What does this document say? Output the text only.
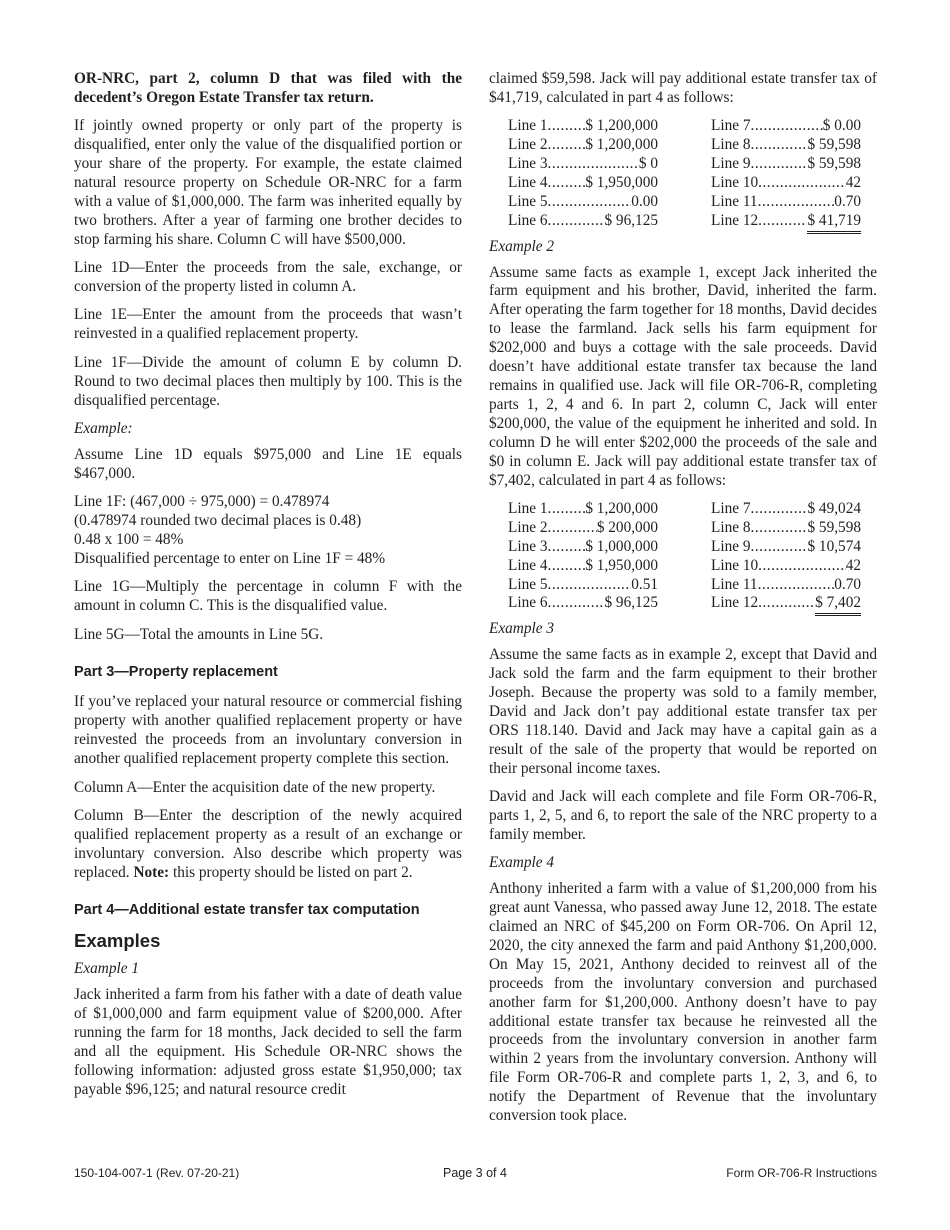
OR-NRC, part 2, column D that was filed with the decedent’s Oregon Estate Transfer tax return.

If jointly owned property or only part of the property is disqualified, enter only the value of the disqualified portion or your share of the property. For example, the estate claimed natural resource property on Schedule OR-NRC for a farm with a value of $1,000,000. The farm was inherited equally by two brothers. After a year of farming one brother decides to stop farming his share. Column C will have $500,000.

Line 1D—Enter the proceeds from the sale, exchange, or conversion of the property listed in column A.

Line 1E—Enter the amount from the proceeds that wasn’t reinvested in a qualified replacement property.

Line 1F—Divide the amount of column E by column D. Round to two decimal places then multiply by 100. This is the disqualified percentage.

Example:

Assume Line 1D equals $975,000 and Line 1E equals $467,000.

Line 1F: (467,000 ÷ 975,000) = 0.478974
(0.478974 rounded two decimal places is 0.48)
0.48 x 100 = 48%
Disqualified percentage to enter on Line 1F = 48%

Line 1G—Multiply the percentage in column F with the amount in column C. This is the disqualified value.

Line 5G—Total the amounts in Line 5G.

Part 3—Property replacement

If you’ve replaced your natural resource or commercial fishing property with another qualified replacement property or have reinvested the proceeds from an involuntary conversion in another qualified replacement property complete this section.

Column A—Enter the acquisition date of the new property.

Column B—Enter the description of the newly acquired qualified replacement property as a result of an exchange or involuntary conversion. Also describe which property was replaced. Note: this property should be listed on part 2.

Part 4—Additional estate transfer tax computation
Examples

Example 1

Jack inherited a farm from his father with a date of death value of $1,000,000 and farm equipment value of $200,000. After running the farm for 18 months, Jack decided to sell the farm and all the equipment. His Schedule OR-NRC shows the following information: adjusted gross estate $1,950,000; tax payable $96,125; and natural resource credit

claimed $59,598. Jack will pay additional estate transfer tax of $41,719, calculated in part 4 as follows:

Line 1 ..... $ 1,200,000
Line 2 ..... $ 1,200,000
Line 3 .....	$ 0
Line 4 ..... $ 1,950,000
Line 5 .....	0.00
Line 6 .....	$ 96,125
Line 7 .....	$ 0.00
Line 8 .....	$ 59,598
Line 9 .....	$ 59,598
Line 10 .....	42
Line 11 .....	0.70
Line 12 .....	$ 41,719

Example 2

Assume same facts as example 1, except Jack inherited the farm equipment and his brother, David, inherited the farm. After operating the farm together for 18 months, David decides to lease the farmland. Jack sells his farm equipment for $202,000 and buys a cottage with the sale proceeds. David doesn’t have additional estate transfer tax because the land remains in qualified use. Jack will file OR-706-R, completing parts 1, 2, 4 and 6. In part 2, column C, Jack will enter $200,000, the value of the equipment he inherited and sold. In column D he will enter $202,000 the proceeds of the sale and $0 in column E. Jack will pay additional estate transfer tax of $7,402, calculated in part 4 as follows:

Line 1 ..... $ 1,200,000
Line 2 .....	$ 200,000
Line 3 ..... $ 1,000,000
Line 4 ..... $ 1,950,000
Line 5 .....	0.51
Line 6 .....	$ 96,125
Line 7 .....	$ 49,024
Line 8 .....	$ 59,598
Line 9 .....	$ 10,574
Line 10 .....	42
Line 11 .....	0.70
Line 12 .....	$ 7,402

Example 3

Assume the same facts as in example 2, except that David and Jack sold the farm and the farm equipment to their brother Joseph. Because the property was sold to a family member, David and Jack don’t pay additional estate transfer tax per ORS 118.140. David and Jack may have a capital gain as a result of the sale of the property that would be reported on their personal income taxes.

David and Jack will each complete and file Form OR-706-R, parts 1, 2, 5, and 6, to report the sale of the NRC property to a family member.

Example 4

Anthony inherited a farm with a value of $1,200,000 from his great aunt Vanessa, who passed away June 12, 2018. The estate claimed an NRC of $45,200 on Form OR-706. On April 12, 2020, the city annexed the farm and paid Anthony $1,200,000. On May 15, 2021, Anthony decided to reinvest all of the proceeds from the involuntary conversion and purchased another farm for $1,200,000. Anthony doesn’t have to pay additional estate transfer tax because he reinvested all the proceeds from the involuntary conversion in another farm within 2 years from the involuntary conversion. Anthony will file Form OR-706-R and complete parts 1, 2, 3, and 6, to notify the Department of Revenue that the involuntary conversion took place.

150-104-007-1 (Rev. 07-20-21)	Page 3 of 4	Form OR-706-R Instructions
